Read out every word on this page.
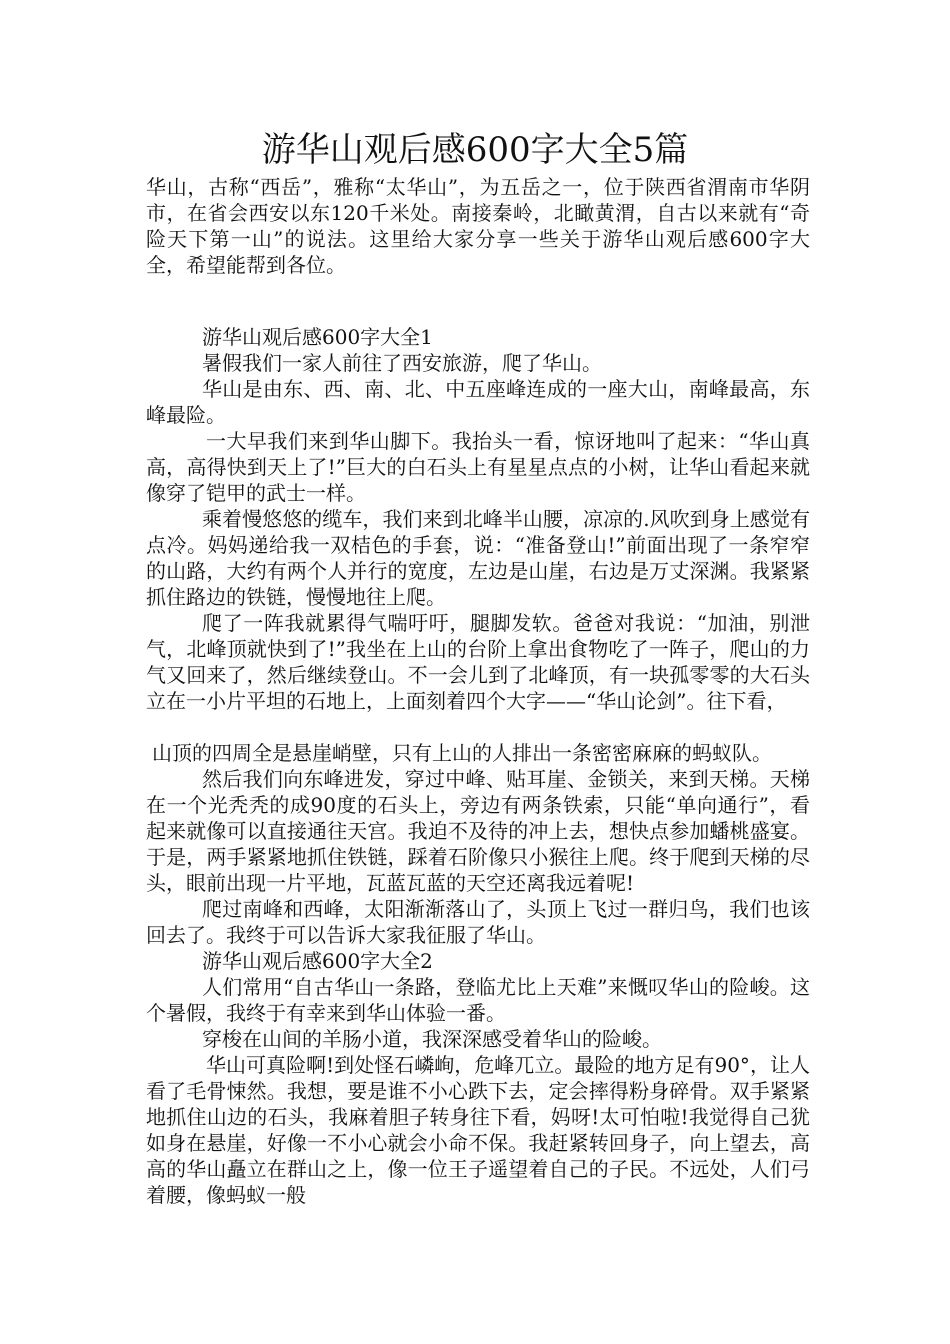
游华山观后感600字大全5篇

华山，古称“西岳”，雅称“太华山”，为五岳之一，位于陕西省渭南市华阴市，在省会西安以东120千米处。南接秦岭，北瞰黄渭，自古以来就有“奇险天下第一山”的说法。这里给大家分享一些关于游华山观后感600字大全，希望能帮到各位。

游华山观后感600字大全1

暑假我们一家人前往了西安旅游，爬了华山。

华山是由东、西、南、北、中五座峰连成的一座大山，南峰最高，东峰最险。

一大早我们来到华山脚下。我抬头一看，惊讶地叫了起来：“华山真高，高得快到天上了!”巨大的白石头上有星星点点的小树，让华山看起来就像穿了铠甲的武士一样。

乘着慢悠悠的缆车，我们来到北峰半山腰，凉凉的.风吹到身上感觉有点冷。妈妈递给我一双桔色的手套，说：“准备登山!”前面出现了一条窄窄的山路，大约有两个人并行的宽度，左边是山崖，右边是万丈深渊。我紧紧抓住路边的铁链，慢慢地往上爬。

爬了一阵我就累得气喘吁吁，腿脚发软。爸爸对我说：“加油，别泄气，北峰顶就快到了!”我坐在上山的台阶上拿出食物吃了一阵子，爬山的力气又回来了，然后继续登山。不一会儿到了北峰顶，有一块孤零零的大石头立在一小片平坦的石地上，上面刻着四个大字——“华山论剑”。往下看，

山顶的四周全是悬崖峭壁，只有上山的人排出一条密密麻麻的蚂蚁队。

然后我们向东峰进发，穿过中峰、贴耳崖、金锁关，来到天梯。天梯在一个光秃秃的成90度的石头上，旁边有两条铁索，只能“单向通行”，看起来就像可以直接通往天宫。我迫不及待的冲上去，想快点参加蟠桃盛宴。于是，两手紧紧地抓住铁链，踩着石阶像只小猴往上爬。终于爬到天梯的尽头，眼前出现一片平地，瓦蓝瓦蓝的天空还离我远着呢!

爬过南峰和西峰，太阳渐渐落山了，头顶上飞过一群归鸟，我们也该回去了。我终于可以告诉大家我征服了华山。

游华山观后感600字大全2

人们常用“自古华山一条路，登临尤比上天难”来慨叹华山的险峻。这个暑假，我终于有幸来到华山体验一番。

穿梭在山间的羊肠小道，我深深感受着华山的险峻。

华山可真险啊!到处怪石嶙峋，危峰兀立。最险的地方足有90°，让人看了毛骨悚然。我想，要是谁不小心跌下去，定会摔得粉身碎骨。双手紧紧地抓住山边的石头，我麻着胆子转身往下看，妈呀!太可怕啦!我觉得自己犹如身在悬崖，好像一不小心就会小命不保。我赶紧转回身子，向上望去，高高的华山矗立在群山之上，像一位王子遥望着自己的子民。不远处，人们弓着腰，像蚂蚁一般
